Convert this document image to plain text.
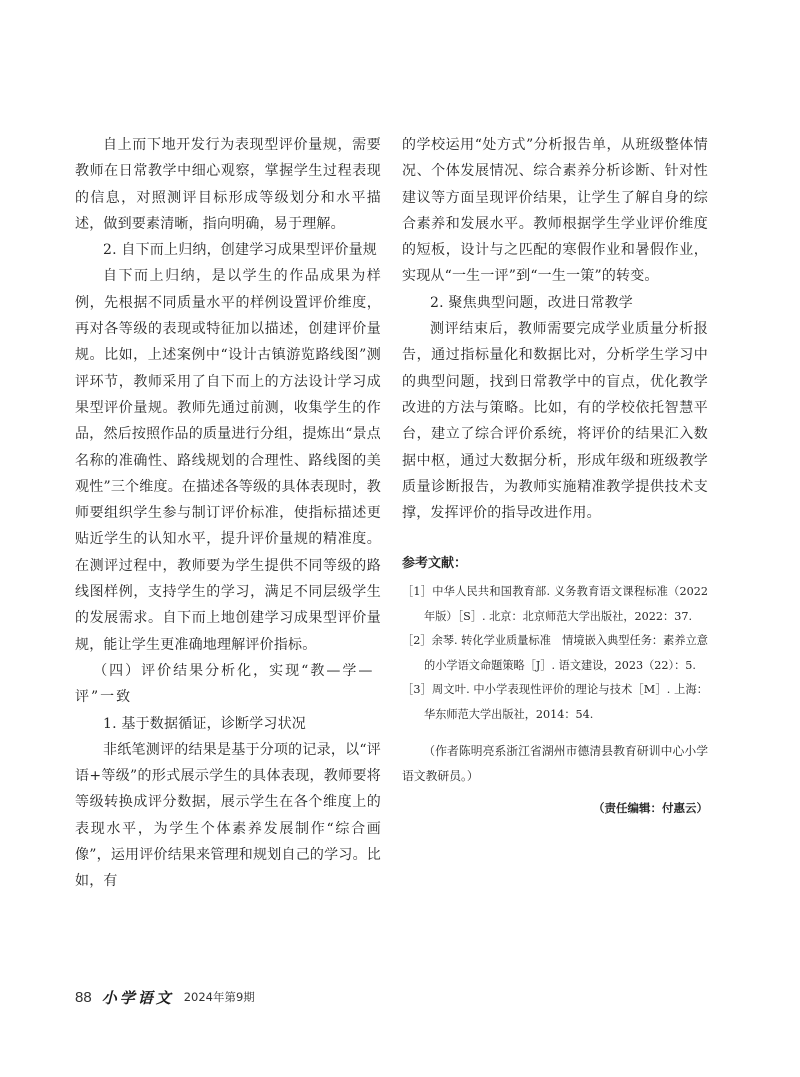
自上而下地开发行为表现型评价量规，需要教师在日常教学中细心观察，掌握学生过程表现的信息，对照测评目标形成等级划分和水平描述，做到要素清晰，指向明确，易于理解。

2. 自下而上归纳，创建学习成果型评价量规

自下而上归纳，是以学生的作品成果为样例，先根据不同质量水平的样例设置评价维度，再对各等级的表现或特征加以描述，创建评价量规。比如，上述案例中“设计古镇游览路线图”测评环节，教师采用了自下而上的方法设计学习成果型评价量规。教师先通过前测，收集学生的作品，然后按照作品的质量进行分组，提炼出“景点名称的准确性、路线规划的合理性、路线图的美观性”三个维度。在描述各等级的具体表现时，教师要组织学生参与制订评价标准，使指标描述更贴近学生的认知水平，提升评价量规的精准度。在测评过程中，教师要为学生提供不同等级的路线图样例，支持学生的学习，满足不同层级学生的发展需求。自下而上地创建学习成果型评价量规，能让学生更准确地理解评价指标。

（四）评价结果分析化，实现“教—学—评”一致

1. 基于数据循证，诊断学习状况

非纸笔测评的结果是基于分项的记录，以“评语+等级”的形式展示学生的具体表现，教师要将等级转换成评分数据，展示学生在各个维度上的表现水平，为学生个体素养发展制作“综合画像”，运用评价结果来管理和规划自己的学习。比如，有

的学校运用“处方式”分析报告单，从班级整体情况、个体发展情况、综合素养分析诊断、针对性建议等方面呈现评价结果，让学生了解自身的综合素养和发展水平。教师根据学生学业评价维度的短板，设计与之匹配的寒假作业和暑假作业，实现从“一生一评”到“一生一策”的转变。

2. 聚焦典型问题，改进日常教学

测评结束后，教师需要完成学业质量分析报告，通过指标量化和数据比对，分析学生学习中的典型问题，找到日常教学中的盲点，优化教学改进的方法与策略。比如，有的学校依托智慧平台，建立了综合评价系统，将评价的结果汇入数据中枢，通过大数据分析，形成年级和班级教学质量诊断报告，为教师实施精准教学提供技术支撑，发挥评价的指导改进作用。

参考文献：

［1］中华人民共和国教育部. 义务教育语文课程标准（2022年版）［S］. 北京：北京师范大学出版社，2022：37.

［2］余琴. 转化学业质量标准　情境嵌入典型任务：素养立意的小学语文命题策略［J］. 语文建设，2023（22）：5.

［3］周文叶. 中小学表现性评价的理论与技术［M］. 上海：华东师范大学出版社，2014：54.

（作者陈明亮系浙江省湖州市德清县教育研训中心小学语文教研员。）

（责任编辑：付惠云）

88 小学语文 2024年第9期
